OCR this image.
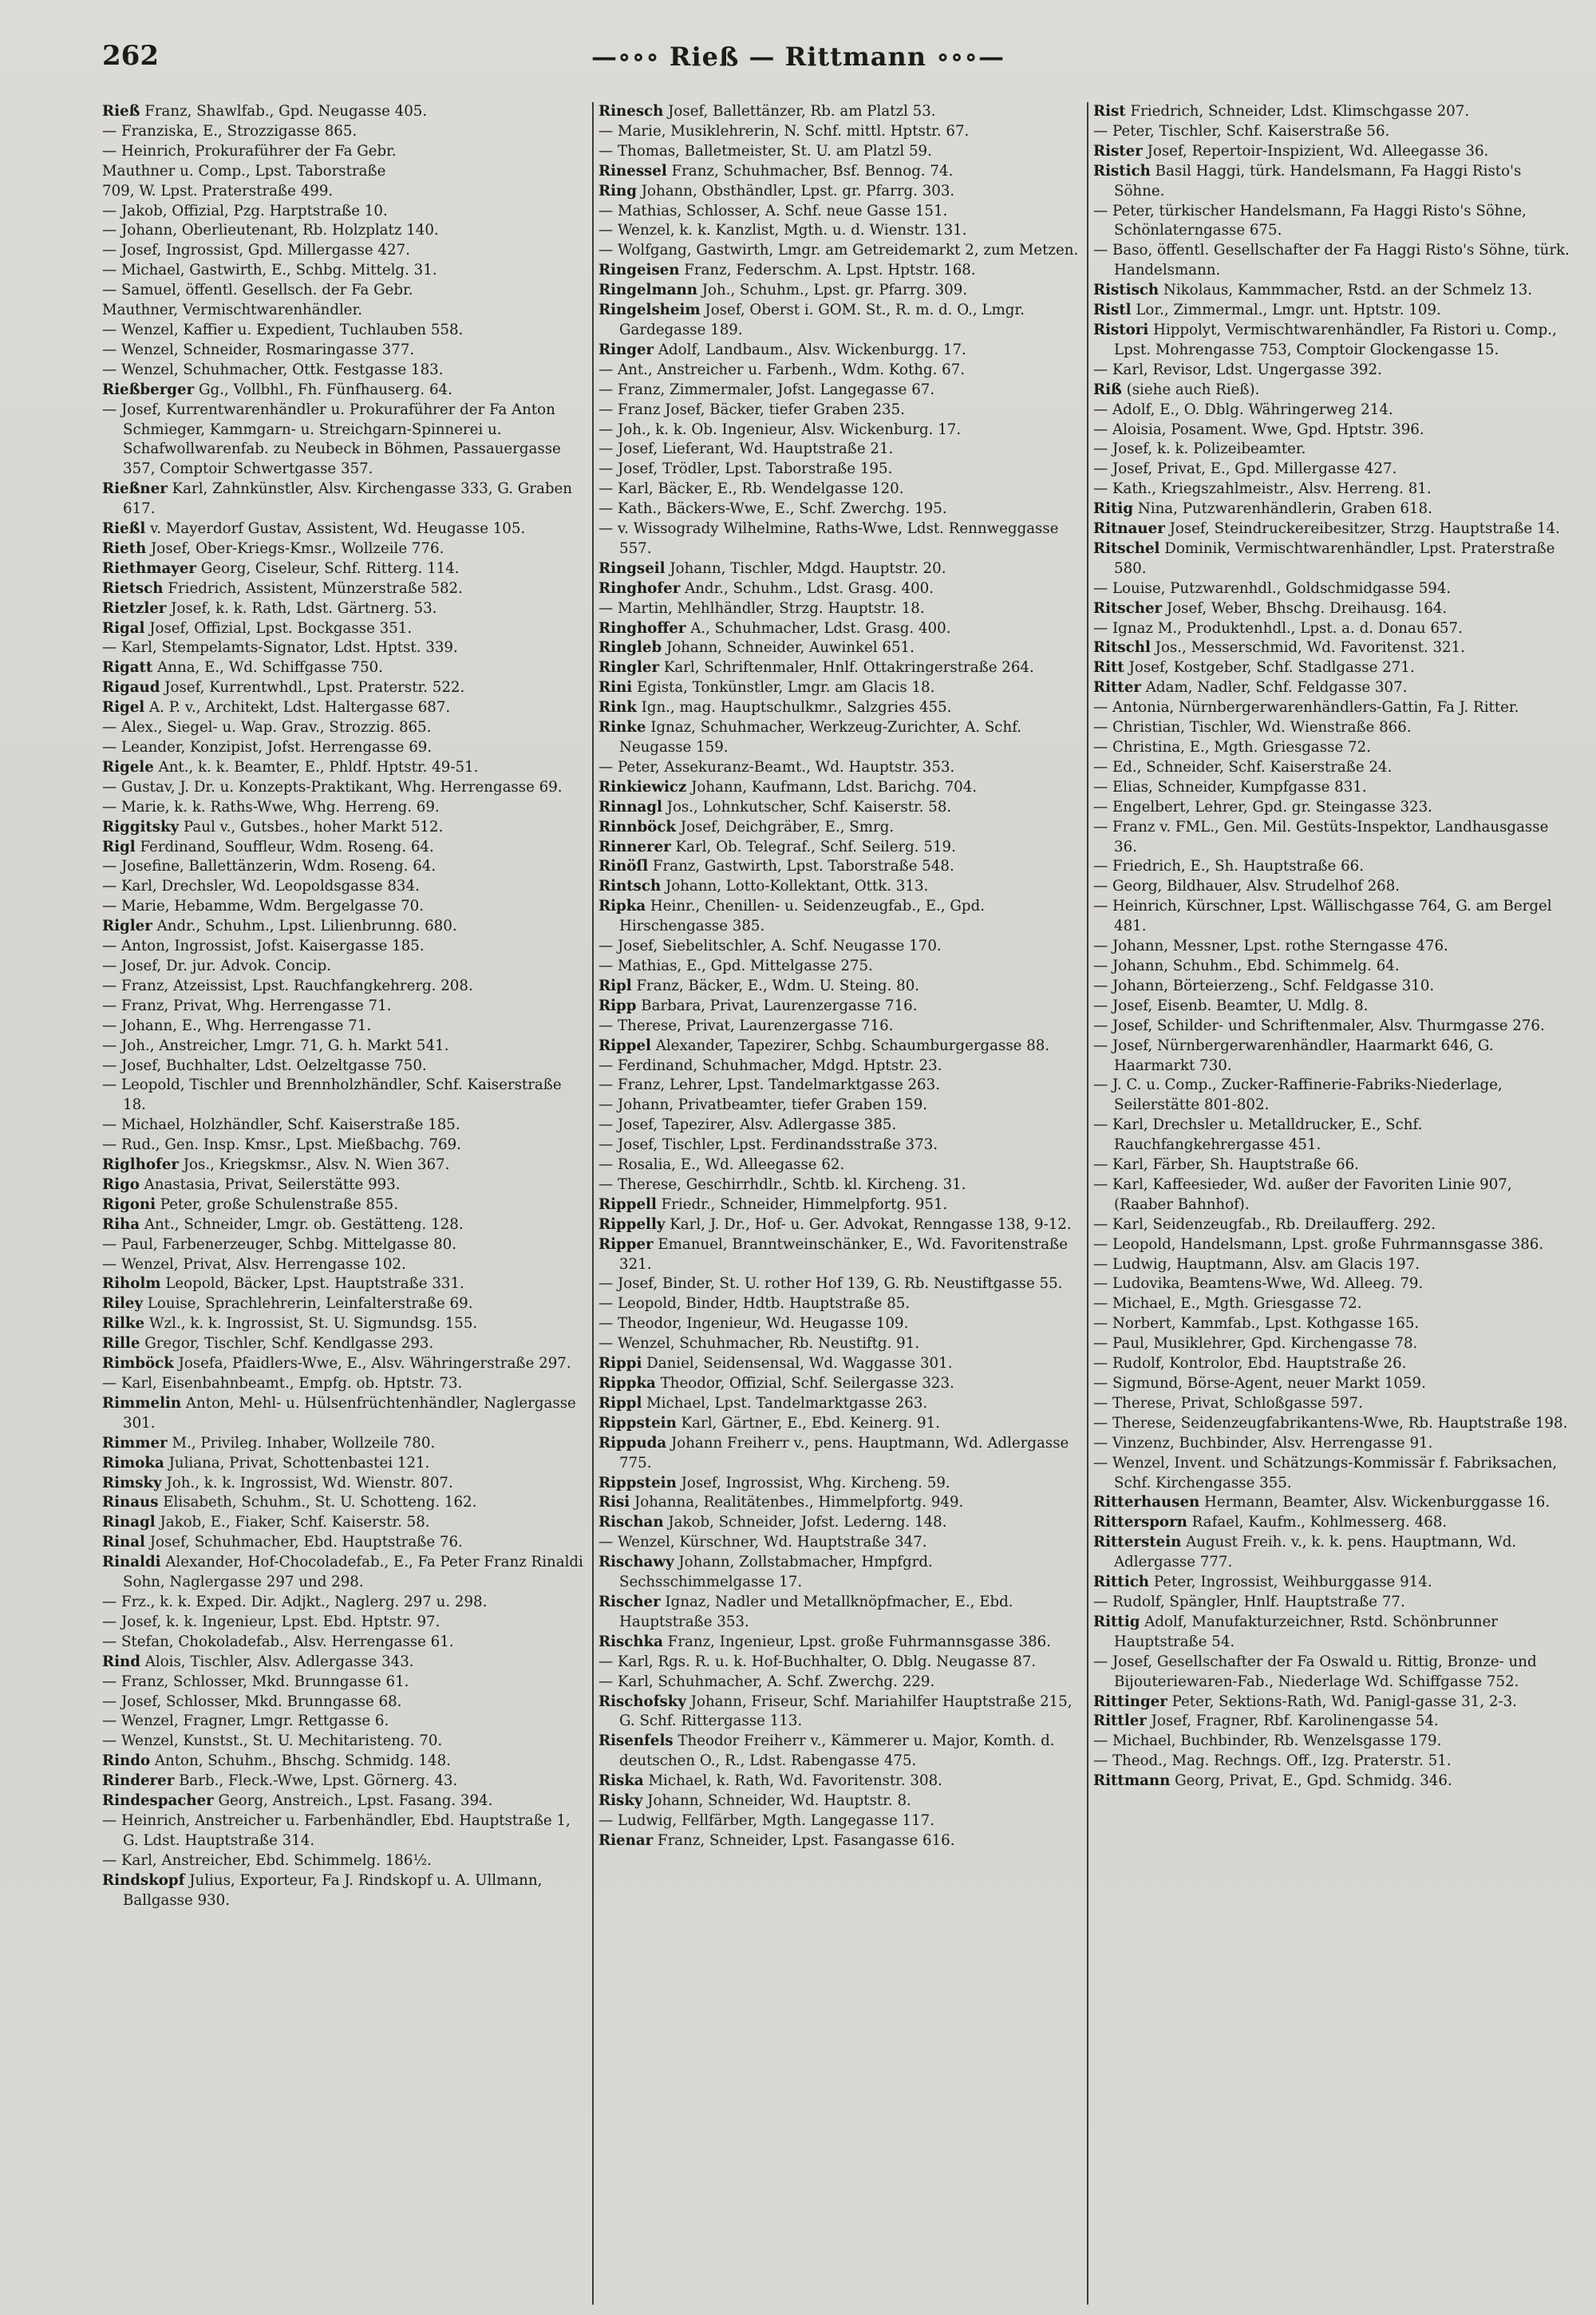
262	—∘∘∘ Rieß — Rittmann ∘∘∘—
Rieß Franz, Shawlfab., Gpd. Neugasse 405.
— Franziska, E., Strozzigasse 865.
— Heinrich, Prokuraführer der Fa Gebr.
Mauthner u. Comp., Lpst. Taborstraße
709, W. Lpst. Praterstraße 499.
— Jakob, Offizial, Pzg. Harptstraße 10.
— Johann, Oberlieutenant, Rb. Holzplatz 140.
— Josef, Ingrossist, Gpd. Millergasse 427.
— Michael, Gastwirth, E., Schbg. Mittelg. 31.
— Samuel, öffentl. Gesellsch. der Fa Gebr.
Mauthner, Vermischtwarenhändler.
— Wenzel, Kaffier u. Expedient, Tuchlauben 558.
— Wenzel, Schneider, Rosmaringasse 377.
— Wenzel, Schuhmacher, Ottk. Festgasse 183.
Rießberger Gg., Vollbhl., Fh. Fünfhauserg. 64.
— Josef, Kurrentwarenhändler u. Prokuraführer der Fa Anton Schmieger, Kammgarn- u. Streichgarn-Spinnerei u. Schafwollwarenfab. zu Neubeck in Böhmen, Passauergasse 357, Comptoir Schwertgasse 357.
Rießner Karl, Zahnkünstler, Alsv. Kirchengasse 333, G. Graben 617.
Rießl v. Mayerdorf Gustav, Assistent, Wd. Heugasse 105.
Rieth Josef, Ober-Kriegs-Kmsr., Wollzeile 776.
Riethmayer Georg, Ciseleur, Schf. Ritterg. 114.
Rietsch Friedrich, Assistent, Münzerstraße 582.
Rietzler Josef, k. k. Rath, Ldst. Gärtnerg. 53.
Rigal Josef, Offizial, Lpst. Bockgasse 351.
— Karl, Stempelamts-Signator, Ldst. Hptst. 339.
Rigatt Anna, E., Wd. Schiffgasse 750.
Rigaud Josef, Kurrentwhdl., Lpst. Praterstr. 522.
Rigel A. P. v., Architekt, Ldst. Haltergasse 687.
— Alex., Siegel- u. Wap. Grav., Strozzig. 865.
— Leander, Konzipist, Jofst. Herrengasse 69.
Rigele Ant., k. k. Beamter, E., Phldf. Hptstr. 49-51.
— Gustav, J. Dr. u. Konzepts-Praktikant, Whg. Herrengasse 69.
— Marie, k. k. Raths-Wwe, Whg. Herreng. 69.
Riggitsky Paul v., Gutsbes., hoher Markt 512.
Rigl Ferdinand, Souffleur, Wdm. Roseng. 64.
— Josefine, Ballettänzerin, Wdm. Roseng. 64.
— Karl, Drechsler, Wd. Leopoldsgasse 834.
— Marie, Hebamme, Wdm. Bergelgasse 70.
Rigler Andr., Schuhm., Lpst. Lilienbrunng. 680.
— Anton, Ingrossist, Jofst. Kaisergasse 185.
— Josef, Dr. jur. Advok. Concip.
— Franz, Atzeissist, Lpst. Rauchfangkehrerg. 208.
— Franz, Privat, Whg. Herrengasse 71.
— Johann, E., Whg. Herrengasse 71.
— Joh., Anstreicher, Lmgr. 71, G. h. Markt 541.
— Josef, Buchhalter, Ldst. Oelzeltgasse 750.
— Leopold, Tischler und Brennholzhändler, Schf. Kaiserstraße 18.
— Michael, Holzhändler, Schf. Kaiserstraße 185.
— Rud., Gen. Insp. Kmsr., Lpst. Mießbachg. 769.
Riglhofer Jos., Kriegskmsr., Alsv. N. Wien 367.
Rigo Anastasia, Privat, Seilerstätte 993.
Rigoni Peter, große Schulenstraße 855.
Riha Ant., Schneider, Lmgr. ob. Gestätteng. 128.
— Paul, Farbenerzeuger, Schbg. Mittelgasse 80.
— Wenzel, Privat, Alsv. Herrengasse 102.
Riholm Leopold, Bäcker, Lpst. Hauptstraße 331.
Riley Louise, Sprachlehrerin, Leinfalterstraße 69.
Rilke Wzl., k. k. Ingrossist, St. U. Sigmundsg. 155.
Rille Gregor, Tischler, Schf. Kendlgasse 293.
Rimböck Josefa, Pfaidlers-Wwe, E., Alsv. Währingerstraße 297.
— Karl, Eisenbahnbeamt., Empfg. ob. Hptstr. 73.
Rimmelin Anton, Mehl- u. Hülsenfrüchtenhändler, Naglergasse 301.
Rimmer M., Privileg. Inhaber, Wollzeile 780.
Rimoka Juliana, Privat, Schottenbastei 121.
Rimsky Joh., k. k. Ingrossist, Wd. Wienstr. 807.
Rinaus Elisabeth, Schuhm., St. U. Schotteng. 162.
Rinagl Jakob, E., Fiaker, Schf. Kaiserstr. 58.
Rinal Josef, Schuhmacher, Ebd. Hauptstraße 76.
Rinaldi Alexander, Hof-Chocoladefab., E., Fa Peter Franz Rinaldi Sohn, Naglergasse 297 und 298.
— Frz., k. k. Exped. Dir. Adjkt., Naglerg. 297 u. 298.
— Josef, k. k. Ingenieur, Lpst. Ebd. Hptstr. 97.
— Stefan, Chokoladefab., Alsv. Herrengasse 61.
Rind Alois, Tischler, Alsv. Adlergasse 343.
— Franz, Schlosser, Mkd. Brunngasse 61.
— Josef, Schlosser, Mkd. Brunngasse 68.
— Wenzel, Fragner, Lmgr. Rettgasse 6.
— Wenzel, Kunstst., St. U. Mechitaristeng. 70.
Rindo Anton, Schuhm., Bhschg. Schmidg. 148.
Rinderer Barb., Fleck.-Wwe, Lpst. Görnerg. 43.
Rindespacher Georg, Anstreich., Lpst. Fasang. 394.
— Heinrich, Anstreicher u. Farbenhändler, Ebd. Hauptstraße 1, G. Ldst. Hauptstraße 314.
— Karl, Anstreicher, Ebd. Schimmelg. 186½.
Rindskopf Julius, Exporteur, Fa J. Rindskopf u. A. Ullmann, Ballgasse 930.
Rinesch Josef, Ballettänzer, Rb. am Platzl 53.
— Marie, Musiklehrerin, N. Schf. mittl. Hptstr. 67.
— Thomas, Balletmeister, St. U. am Platzl 59.
Rinessel Franz, Schuhmacher, Bsf. Bennog. 74.
Ring Johann, Obsthändler, Lpst. gr. Pfarrg. 303.
— Mathias, Schlosser, A. Schf. neue Gasse 151.
— Wenzel, k. k. Kanzlist, Mgth. u. d. Wienstr. 131.
— Wolfgang, Gastwirth, Lmgr. am Getreidemarkt 2, zum Metzen.
Ringeisen Franz, Federschm. A. Lpst. Hptstr. 168.
Ringelmann Joh., Schuhm., Lpst. gr. Pfarrg. 309.
Ringelsheim Josef, Oberst i. GOM. St., R. m. d. O., Lmgr. Gardegasse 189.
Ringer Adolf, Landbaum., Alsv. Wickenburgg. 17.
— Ant., Anstreicher u. Farbenh., Wdm. Kothg. 67.
— Franz, Zimmermaler, Jofst. Langegasse 67.
— Franz Josef, Bäcker, tiefer Graben 235.
— Joh., k. k. Ob. Ingenieur, Alsv. Wickenburg. 17.
— Josef, Lieferant, Wd. Hauptstraße 21.
— Josef, Trödler, Lpst. Taborstraße 195.
— Karl, Bäcker, E., Rb. Wendelgasse 120.
— Kath., Bäckers-Wwe, E., Schf. Zwerchg. 195.
— v. Wissogrady Wilhelmine, Raths-Wwe, Ldst. Rennweggasse 557.
Ringseil Johann, Tischler, Mdgd. Hauptstr. 20.
Ringhofer Andr., Schuhm., Ldst. Grasg. 400.
— Martin, Mehlhändler, Strzg. Hauptstr. 18.
Ringhoffer A., Schuhmacher, Ldst. Grasg. 400.
Ringleb Johann, Schneider, Auwinkel 651.
Ringler Karl, Schriftenmaler, Hnlf. Ottakringerstraße 264.
Rini Egista, Tonkünstler, Lmgr. am Glacis 18.
Rink Ign., mag. Hauptschulkmr., Salzgries 455.
Rinke Ignaz, Schuhmacher, Werkzeug-Zurichter, A. Schf. Neugasse 159.
— Peter, Assekuranz-Beamt., Wd. Hauptstr. 353.
Rinkiewicz Johann, Kaufmann, Ldst. Barichg. 704.
Rinnagl Jos., Lohnkutscher, Schf. Kaiserstr. 58.
Rinnböck Josef, Deichgräber, E., Smrg.
Rinnerer Karl, Ob. Telegraf., Schf. Seilerg. 519.
Rinöſl Franz, Gastwirth, Lpst. Taborstraße 548.
Rintsch Johann, Lotto-Kollektant, Ottk. 313.
Ripka Heinr., Chenillen- u. Seidenzeugfab., E., Gpd. Hirschengasse 385.
— Josef, Siebelitschler, A. Schf. Neugasse 170.
— Mathias, E., Gpd. Mittelgasse 275.
Ripl Franz, Bäcker, E., Wdm. U. Steing. 80.
Ripp Barbara, Privat, Laurenzergasse 716.
— Therese, Privat, Laurenzergasse 716.
Rippel Alexander, Tapezirer, Schbg. Schaumburgergasse 88.
— Ferdinand, Schuhmacher, Mdgd. Hptstr. 23.
— Franz, Lehrer, Lpst. Tandelmarktgasse 263.
— Johann, Privatbeamter, tiefer Graben 159.
— Josef, Tapezirer, Alsv. Adlergasse 385.
— Josef, Tischler, Lpst. Ferdinandsstraße 373.
— Rosalia, E., Wd. Alleegasse 62.
— Therese, Geschirrhdlr., Schtb. kl. Kircheng. 31.
Rippell Friedr., Schneider, Himmelpfortg. 951.
Rippelly Karl, J. Dr., Hof- u. Ger. Advokat, Renngasse 138, 9-12.
Ripper Emanuel, Branntweinschänker, E., Wd. Favoritenstraße 321.
— Josef, Binder, St. U. rother Hof 139, G. Rb. Neustiftgasse 55.
— Leopold, Binder, Hdtb. Hauptstraße 85.
— Theodor, Ingenieur, Wd. Heugasse 109.
— Wenzel, Schuhmacher, Rb. Neustiftg. 91.
Rippi Daniel, Seidensensal, Wd. Waggasse 301.
Rippka Theodor, Offizial, Schf. Seilergasse 323.
Rippl Michael, Lpst. Tandelmarktgasse 263.
Rippstein Karl, Gärtner, E., Ebd. Keinerg. 91.
Rippuda Johann Freiherr v., pens. Hauptmann, Wd. Adlergasse 775.
Rippstein Josef, Ingrossist, Whg. Kircheng. 59.
Risi Johanna, Realitätenbes., Himmelpfortg. 949.
Rischan Jakob, Schneider, Jofst. Lederng. 148.
— Wenzel, Kürschner, Wd. Hauptstraße 347.
Rischawy Johann, Zollstabmacher, Hmpfgrd. Sechsschimmelgasse 17.
Rischer Ignaz, Nadler und Metallknöpfmacher, E., Ebd. Hauptstraße 353.
Rischka Franz, Ingenieur, Lpst. große Fuhrmannsgasse 386.
— Karl, Rgs. R. u. k. Hof-Buchhalter, O. Dblg. Neugasse 87.
— Karl, Schuhmacher, A. Schf. Zwerchg. 229.
Rischofsky Johann, Friseur, Schf. Mariahilfer Hauptstraße 215, G. Schf. Rittergasse 113.
Risenfels Theodor Freiherr v., Kämmerer u. Major, Komth. d. deutschen O., R., Ldst. Rabengasse 475.
Riska Michael, k. Rath, Wd. Favoritenstr. 308.
Risky Johann, Schneider, Wd. Hauptstr. 8.
— Ludwig, Fellfärber, Mgth. Langegasse 117.
Rienar Franz, Schneider, Lpst. Fasangasse 616.
Rist Friedrich, Schneider, Ldst. Klimschgasse 207.
— Peter, Tischler, Schf. Kaiserstraße 56.
Rister Josef, Repertoir-Inspizient, Wd. Alleegasse 36.
Ristich Basil Haggi, türk. Handelsmann, Fa Haggi Risto's Söhne.
— Peter, türkischer Handelsmann, Fa Haggi Risto's Söhne, Schönlaterngasse 675.
— Baso, öffentl. Gesellschafter der Fa Haggi Risto's Söhne, türk. Handelsmann.
Ristisch Nikolaus, Kammmacher, Rstd. an der Schmelz 13.
Ristl Lor., Zimmermal., Lmgr. unt. Hptstr. 109.
Ristori Hippolyt, Vermischtwarenhändler, Fa Ristori u. Comp., Lpst. Mohrengasse 753, Comptoir Glockengasse 15.
— Karl, Revisor, Ldst. Ungergasse 392.
Riß (siehe auch Rieß).
— Adolf, E., O. Dblg. Währingerweg 214.
— Aloisia, Posament. Wwe, Gpd. Hptstr. 396.
— Josef, k. k. Polizeibeamter.
— Josef, Privat, E., Gpd. Millergasse 427.
— Kath., Kriegszahlmeistr., Alsv. Herreng. 81.
Ritig Nina, Putzwarenhändlerin, Graben 618.
Ritnauer Josef, Steindruckereibesitzer, Strzg. Hauptstraße 14.
Ritschel Dominik, Vermischtwarenhändler, Lpst. Praterstraße 580.
— Louise, Putzwarenhdl., Goldschmidgasse 594.
Ritscher Josef, Weber, Bhschg. Dreihausg. 164.
— Ignaz M., Produktenhdl., Lpst. a. d. Donau 657.
Ritschl Jos., Messerschmid, Wd. Favoritenst. 321.
Ritt Josef, Kostgeber, Schf. Stadlgasse 271.
Ritter Adam, Nadler, Schf. Feldgasse 307.
— Antonia, Nürnbergerwarenhändlers-Gattin, Fa J. Ritter.
— Christian, Tischler, Wd. Wienstraße 866.
— Christina, E., Mgth. Griesgasse 72.
— Ed., Schneider, Schf. Kaiserstraße 24.
— Elias, Schneider, Kumpfgasse 831.
— Engelbert, Lehrer, Gpd. gr. Steingasse 323.
— Franz v. FML., Gen. Mil. Gestüts-Inspektor, Landhausgasse 36.
— Friedrich, E., Sh. Hauptstraße 66.
— Georg, Bildhauer, Alsv. Strudelhof 268.
— Heinrich, Kürschner, Lpst. Wällischgasse 764, G. am Bergel 481.
— Johann, Messner, Lpst. rothe Sterngasse 476.
— Johann, Schuhm., Ebd. Schimmelg. 64.
— Johann, Börteierzeng., Schf. Feldgasse 310.
— Josef, Eisenb. Beamter, U. Mdlg. 8.
— Josef, Schilder- und Schriftenmaler, Alsv. Thurmgasse 276.
— Josef, Nürnbergerwarenhändler, Haarmarkt 646, G. Haarmarkt 730.
— J. C. u. Comp., Zucker-Raffinerie-Fabriks-Niederlage, Seilerstätte 801-802.
— Karl, Drechsler u. Metalldrucker, E., Schf. Rauchfangkehrergasse 451.
— Karl, Färber, Sh. Hauptstraße 66.
— Karl, Kaffeesieder, Wd. außer der Favoriten Linie 907, (Raaber Bahnhof).
— Karl, Seidenzeugfab., Rb. Dreilaufferg. 292.
— Leopold, Handelsmann, Lpst. große Fuhrmannsgasse 386.
— Ludwig, Hauptmann, Alsv. am Glacis 197.
— Ludovika, Beamtens-Wwe, Wd. Alleeg. 79.
— Michael, E., Mgth. Griesgasse 72.
— Norbert, Kammfab., Lpst. Kothgasse 165.
— Paul, Musiklehrer, Gpd. Kirchengasse 78.
— Rudolf, Kontrolor, Ebd. Hauptstraße 26.
— Sigmund, Börse-Agent, neuer Markt 1059.
— Therese, Privat, Schloßgasse 597.
— Therese, Seidenzeugfabrikantens-Wwe, Rb. Hauptstraße 198.
— Vinzenz, Buchbinder, Alsv. Herrengasse 91.
— Wenzel, Invent. und Schätzungs-Kommissär f. Fabriksachen, Schf. Kirchengasse 355.
Ritterhausen Hermann, Beamter, Alsv. Wickenburggasse 16.
Rittersporn Rafael, Kaufm., Kohlmesserg. 468.
Ritterstein August Freih. v., k. k. pens. Hauptmann, Wd. Adlergasse 777.
Rittich Peter, Ingrossist, Weihburggasse 914.
— Rudolf, Spängler, Hnlf. Hauptstraße 77.
Rittig Adolf, Manufakturzeichner, Rstd. Schönbrunner Hauptstraße 54.
— Josef, Gesellschafter der Fa Oswald u. Rittig, Bronze- und Bijouteriewaren-Fab., Niederlage Wd. Schiffgasse 752.
Rittinger Peter, Sektions-Rath, Wd. Panigl-gasse 31, 2-3.
Rittler Josef, Fragner, Rbf. Karolinengasse 54.
— Michael, Buchbinder, Rb. Wenzelsgasse 179.
— Theod., Mag. Rechngs. Off., Izg. Praterstr. 51.
Rittmann Georg, Privat, E., Gpd. Schmidg. 346.
